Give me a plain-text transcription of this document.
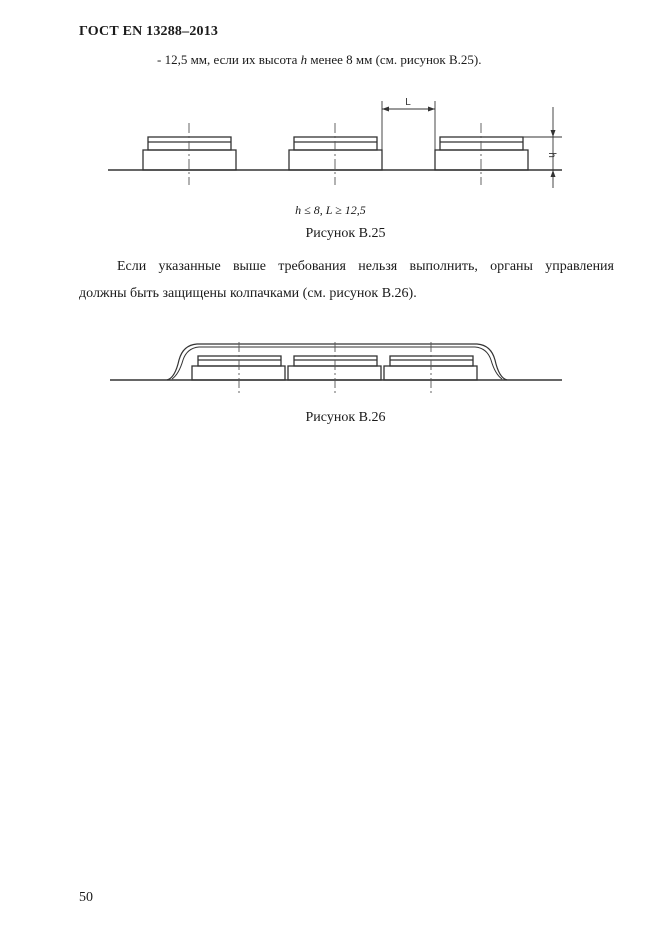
ГОСТ EN 13288–2013
- 12,5 мм, если их высота h менее 8 мм (см. рисунок В.25).
L
h
h ≤ 8, L ≥ 12,5
Рисунок В.25
Если указанные выше требования нельзя выполнить, органы управления
должны быть защищены колпачками (см. рисунок В.26).
Рисунок В.26
50
